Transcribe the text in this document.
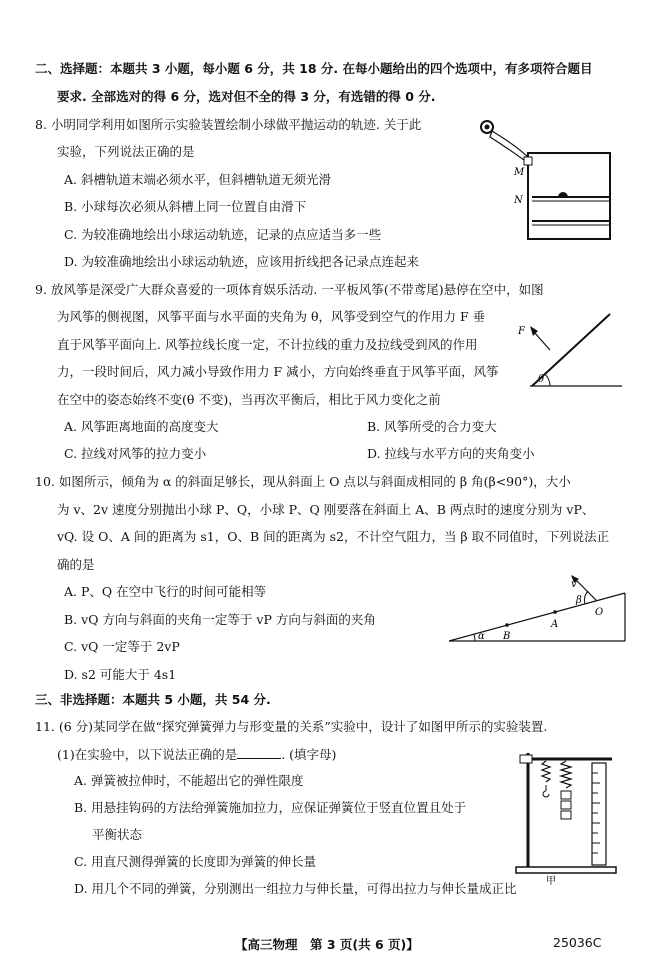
二、选择题：本题共 3 小题，每小题 6 分，共 18 分. 在每小题给出的四个选项中，有多项符合题目
要求. 全部选对的得 6 分，选对但不全的得 3 分，有选错的得 0 分.
8. 小明同学利用如图所示实验装置绘制小球做平抛运动的轨迹. 关于此
实验，下列说法正确的是
A. 斜槽轨道末端必须水平，但斜槽轨道无须光滑
B. 小球每次必须从斜槽上同一位置自由滑下
C. 为较准确地绘出小球运动轨迹，记录的点应适当多一些
D. 为较准确地绘出小球运动轨迹，应该用折线把各记录点连起来
M
N
9. 放风筝是深受广大群众喜爱的一项体育娱乐活动. 一平板风筝(不带鸢尾)悬停在空中，如图
为风筝的侧视图，风筝平面与水平面的夹角为 θ，风筝受到空气的作用力 F 垂
直于风筝平面向上. 风筝拉线长度一定，不计拉线的重力及拉线受到风的作用
力，一段时间后，风力减小导致作用力 F 减小，方向始终垂直于风筝平面，风筝
在空中的姿态始终不变(θ 不变)，当再次平衡后，相比于风力变化之前
A. 风筝距离地面的高度变大	B. 风筝所受的合力变大
C. 拉线对风筝的拉力变小	D. 拉线与水平方向的夹角变小
F
θ
10. 如图所示，倾角为 α 的斜面足够长，现从斜面上 O 点以与斜面成相同的 β 角(β<90°)，大小
为 v、2v 速度分别抛出小球 P、Q，小球 P、Q 刚要落在斜面上 A、B 两点时的速度分别为 vP、
vQ. 设 O、A 间的距离为 s1，O、B 间的距离为 s2，不计空气阻力，当 β 取不同值时，下列说法正
确的是
A. P、Q 在空中飞行的时间可能相等
B. vQ 方向与斜面的夹角一定等于 vP 方向与斜面的夹角
C. vQ 一定等于 2vP
D. s2 可能大于 4s1
v
β
O
A
B
α
三、非选择题：本题共 5 小题，共 54 分.
11. (6 分)某同学在做“探究弹簧弹力与形变量的关系”实验中，设计了如图甲所示的实验装置.
(1)在实验中，以下说法正确的是	. (填字母)
A. 弹簧被拉伸时，不能超出它的弹性限度
B. 用悬挂钩码的方法给弹簧施加拉力，应保证弹簧位于竖直位置且处于
平衡状态
C. 用直尺测得弹簧的长度即为弹簧的伸长量
D. 用几个不同的弹簧，分别测出一组拉力与伸长量，可得出拉力与伸长量成正比	甲
【高三物理　第 3 页(共 6 页)】	25036C
